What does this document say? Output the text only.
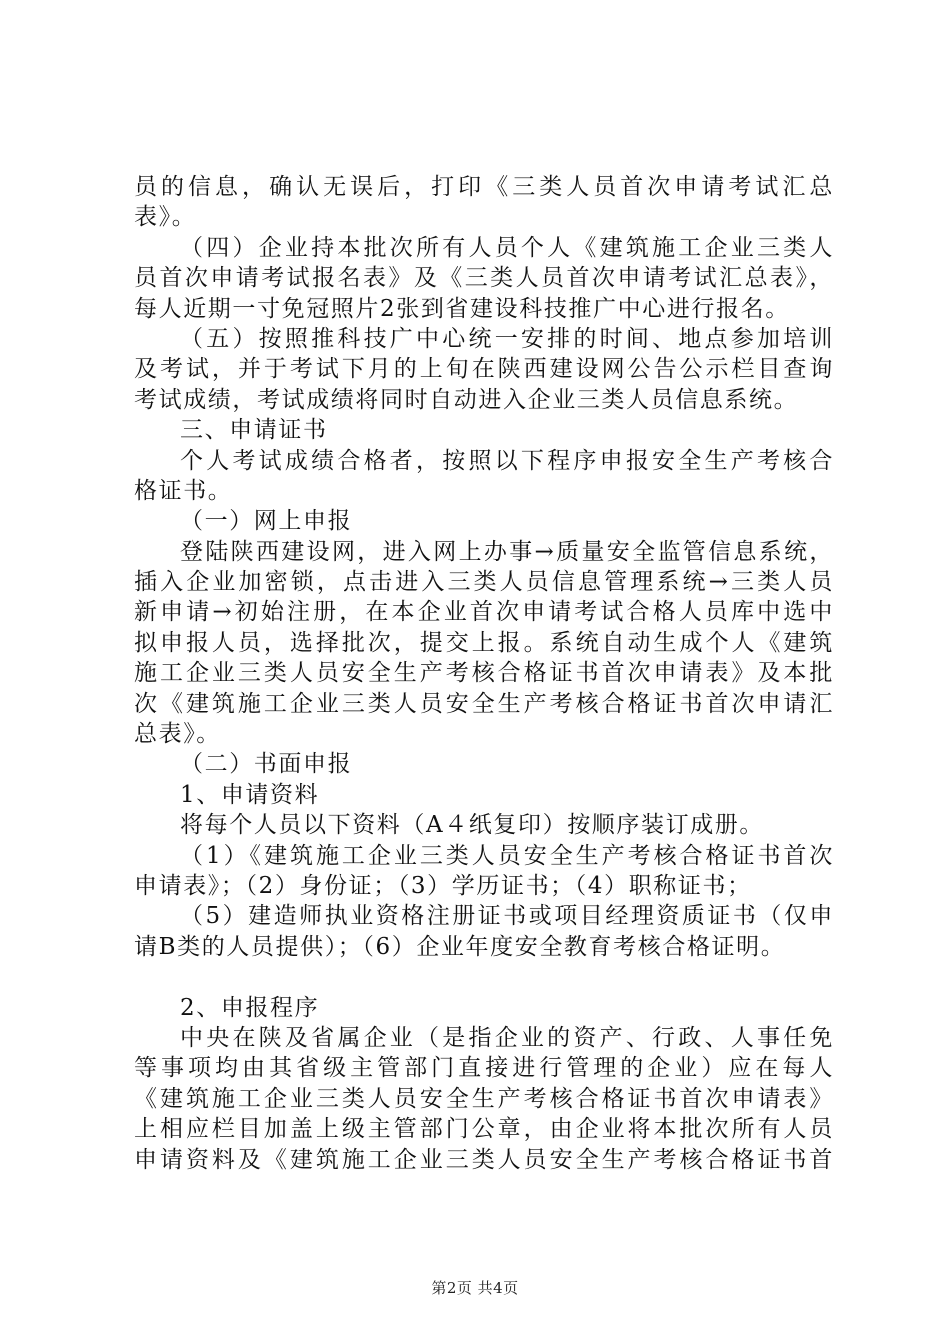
员的信息，确认无误后，打印《三类人员首次申请考试汇总
表》。
（四）企业持本批次所有人员个人《建筑施工企业三类人
员首次申请考试报名表》及《三类人员首次申请考试汇总表》，
每人近期一寸免冠照片2张到省建设科技推广中心进行报名。
（五）按照推科技广中心统一安排的时间、地点参加培训
及考试，并于考试下月的上旬在陕西建设网公告公示栏目查询
考试成绩，考试成绩将同时自动进入企业三类人员信息系统。
三、申请证书
个人考试成绩合格者，按照以下程序申报安全生产考核合
格证书。
（一）网上申报
登陆陕西建设网，进入网上办事→质量安全监管信息系统，
插入企业加密锁，点击进入三类人员信息管理系统→三类人员
新申请→初始注册，在本企业首次申请考试合格人员库中选中
拟申报人员，选择批次，提交上报。系统自动生成个人《建筑
施工企业三类人员安全生产考核合格证书首次申请表》及本批
次《建筑施工企业三类人员安全生产考核合格证书首次申请汇
总表》。
（二）书面申报
1、申请资料
将每个人员以下资料（A４纸复印）按顺序装订成册。
（1）《建筑施工企业三类人员安全生产考核合格证书首次
申请表》；（2）身份证；（3）学历证书；（4）职称证书；
（5）建造师执业资格注册证书或项目经理资质证书（仅申
请B类的人员提供）；（6）企业年度安全教育考核合格证明。
2、申报程序
中央在陕及省属企业（是指企业的资产、行政、人事任免
等事项均由其省级主管部门直接进行管理的企业）应在每人
《建筑施工企业三类人员安全生产考核合格证书首次申请表》
上相应栏目加盖上级主管部门公章，由企业将本批次所有人员
申请资料及《建筑施工企业三类人员安全生产考核合格证书首
第2页 共4页
